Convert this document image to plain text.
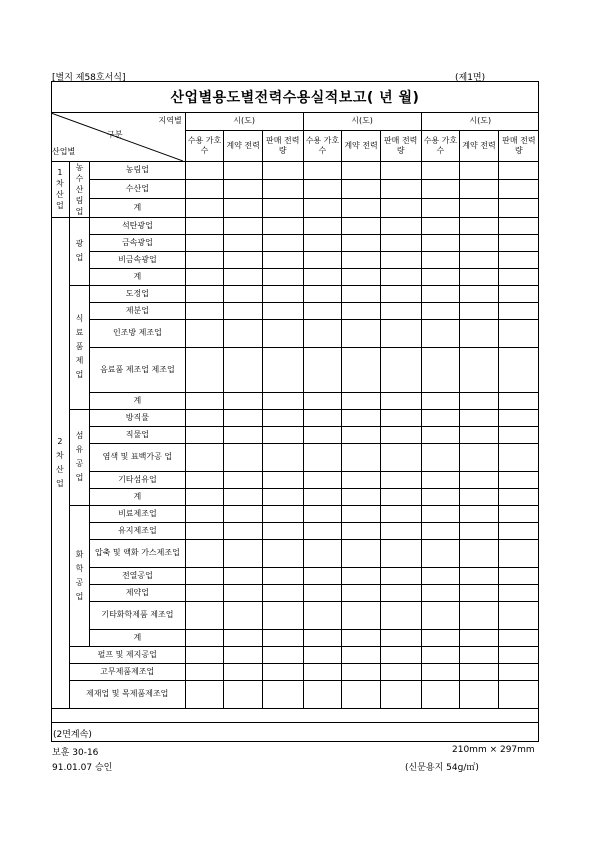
[별지 제58호서식]	(제1면)
산업별용도별전력수용실적보고( 년 월)
지역별
구분
산업별			시(도)			시(도)			시(도)		
			수용 가호수	계약 전력	판매 전력량	수용 가호수	계약 전력	판매 전력량	수용 가호수	계약 전력	판매 전력량
1차 산업	농 수산 림업	농림업									
		수산업									
		계									
2 차 산 업	광 업	석탄광업									
		금속광업									
		비금속광업									
		계									
	식 료 품 제 업	도정업									
		제분업									
		인조방 제조업									
		음료품 제조업 제조업									
		계									
	섬 유 공 업	방직물									
		직물업									
		염색 및 표백가공 업									
		기타섬유업									
		계									
	화 학 공 업	비료제조업									
		유지제조업									
		압축 및 액화 가스제조업									
		전열공업									
		제약업									
		기타화학제품 제조업									
		계									
	펄프 및 제지공업										
	고무제품제조업										
	제재업 및 목제품제조업										
(2면계속)
보훈 30-16
91.01.07 승인
210mm × 297mm
(신문용지 54g/㎡)
